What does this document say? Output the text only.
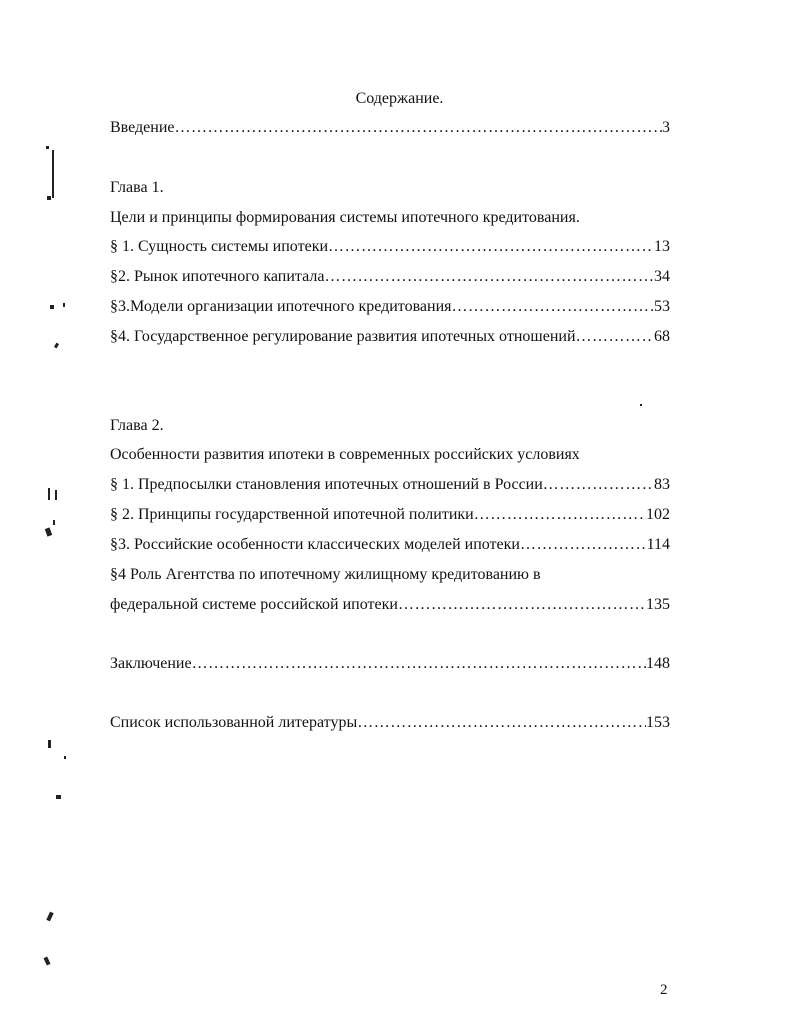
Содержание.
Введение ……………………………………………………………………………………………………………………………………………………	3
Глава 1.
Цели и принципы формирования системы ипотечного кредитования.
§ 1. Сущность системы ипотеки ……………………………………………………………………………………………………………………………………………………	13
§2. Рынок ипотечного капитала ……………………………………………………………………………………………………………………………………………………	34
§3.Модели организации ипотечного кредитования ……………………………………………………………………………………………………………………………………………………	53
§4. Государственное регулирование развития ипотечных отношений ……………………………………………………………………………………………………………………………………………………	68
Глава 2.
Особенности развития ипотеки в современных российских условиях
§ 1. Предпосылки становления ипотечных отношений в России ……………………………………………………………………………………………………………………………………………………	83
§ 2. Принципы государственной ипотечной политики ……………………………………………………………………………………………………………………………………………………	102
§3. Российские особенности классических моделей ипотеки ……………………………………………………………………………………………………………………………………………………	114
§4 Роль Агентства по ипотечному жилищному кредитованию в
федеральной системе российской ипотеки ……………………………………………………………………………………………………………………………………………………	135
Заключение ……………………………………………………………………………………………………………………………………………………	148
Список использованной литературы ……………………………………………………………………………………………………………………………………………………	153
2
